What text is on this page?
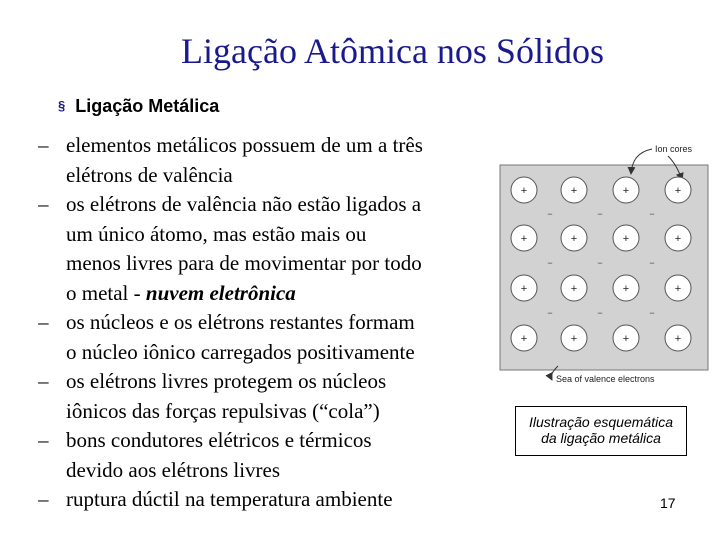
Ligação Atômica nos Sólidos
§ Ligação Metálica
– elementos metálicos possuem de um a três
elétrons de valência
– os elétrons de valência não estão ligados a
um único átomo, mas estão mais ou
menos livres para de movimentar por todo
o metal - nuvem eletrônica
– os núcleos e os elétrons restantes formam
o núcleo iônico carregados positivamente
– os elétrons livres protegem os núcleos
iônicos das forças repulsivas (“cola”)
– bons condutores elétricos e térmicos
devido aos elétrons livres
– ruptura dúctil na temperatura ambiente
Ion cores
+	+	+	+
+	+	+	+
+	+	+	+
+	+	+	+
−	−	−
−	−	−
−	−	−
Sea of valence electrons
Ilustração esquemática
da ligação metálica
17
